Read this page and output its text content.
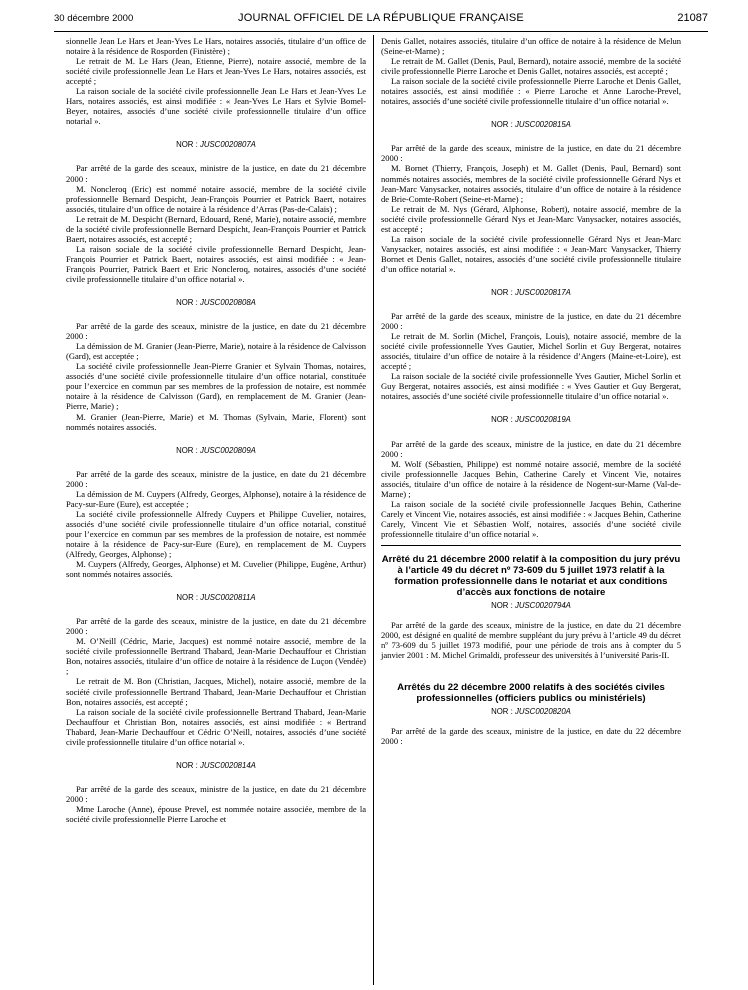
30 décembre 2000	JOURNAL OFFICIEL DE LA RÉPUBLIQUE FRANÇAISE	21087

sionnelle Jean Le Hars et Jean-Yves Le Hars, notaires associés, titulaire d’un office de notaire à la résidence de Rosporden (Finistère) ;

Le retrait de M. Le Hars (Jean, Etienne, Pierre), notaire associé, membre de la société civile professionnelle Jean Le Hars et Jean-Yves Le Hars, notaires associés, est accepté ;

La raison sociale de la société civile professionnelle Jean Le Hars et Jean-Yves Le Hars, notaires associés, est ainsi modifiée : « Jean-Yves Le Hars et Sylvie Bomel-Beyer, notaires, associés d’une société civile professionnelle titulaire d’un office notarial ».

NOR : JUSC0020807A

Par arrêté de la garde des sceaux, ministre de la justice, en date du 21 décembre 2000 :

M. Noncleroq (Eric) est nommé notaire associé, membre de la société civile professionnelle Bernard Despicht, Jean-François Pourrier et Patrick Baert, notaires associés, titulaire d’un office de notaire à la résidence d’Arras (Pas-de-Calais) ;

Le retrait de M. Despicht (Bernard, Edouard, René, Marie), notaire associé, membre de la société civile professionnelle Bernard Despicht, Jean-François Pourrier et Patrick Baert, notaires associés, est accepté ;

La raison sociale de la société civile professionnelle Bernard Despicht, Jean-François Pourrier et Patrick Baert, notaires associés, est ainsi modifiée : « Jean-François Pourrier, Patrick Baert et Eric Noncleroq, notaires, associés d’une société civile professionnelle titulaire d’un office notarial ».

NOR : JUSC0020808A

Par arrêté de la garde des sceaux, ministre de la justice, en date du 21 décembre 2000 :

La démission de M. Granier (Jean-Pierre, Marie), notaire à la résidence de Calvisson (Gard), est acceptée ;

La société civile professionnelle Jean-Pierre Granier et Sylvain Thomas, notaires, associés d’une société civile professionnelle titulaire d’un office notarial, constituée pour l’exercice en commun par ses membres de la profession de notaire, est nommée notaire à la résidence de Calvisson (Gard), en remplacement de M. Granier (Jean-Pierre, Marie) ;

M. Granier (Jean-Pierre, Marie) et M. Thomas (Sylvain, Marie, Florent) sont nommés notaires associés.

NOR : JUSC0020809A

Par arrêté de la garde des sceaux, ministre de la justice, en date du 21 décembre 2000 :

La démission de M. Cuypers (Alfredy, Georges, Alphonse), notaire à la résidence de Pacy-sur-Eure (Eure), est acceptée ;

La société civile professionnelle Alfredy Cuypers et Philippe Cuvelier, notaires, associés d’une société civile professionnelle titulaire d’un office notarial, constitué pour l’exercice en commun par ses membres de la profession de notaire, est nommée notaire à la résidence de Pacy-sur-Eure (Eure), en remplacement de M. Cuypers (Alfredy, Georges, Alphonse) ;

M. Cuypers (Alfredy, Georges, Alphonse) et M. Cuvelier (Philippe, Eugène, Arthur) sont nommés notaires associés.

NOR : JUSC0020811A

Par arrêté de la garde des sceaux, ministre de la justice, en date du 21 décembre 2000 :

M. O’Neill (Cédric, Marie, Jacques) est nommé notaire associé, membre de la société civile professionnelle Bertrand Thabard, Jean-Marie Dechauffour et Christian Bon, notaires associés, titulaire d’un office de notaire à la résidence de Luçon (Vendée) ;

Le retrait de M. Bon (Christian, Jacques, Michel), notaire associé, membre de la société civile professionnelle Bertrand Thabard, Jean-Marie Dechauffour et Christian Bon, notaires associés, est accepté ;

La raison sociale de la société civile professionnelle Bertrand Thabard, Jean-Marie Dechauffour et Christian Bon, notaires associés, est ainsi modifiée : « Bertrand Thabard, Jean-Marie Dechauffour et Cédric O’Neill, notaires, associés d’une société civile professionnelle titulaire d’un office notarial ».

NOR : JUSC0020814A

Par arrêté de la garde des sceaux, ministre de la justice, en date du 21 décembre 2000 :

Mme Laroche (Anne), épouse Prevel, est nommée notaire associée, membre de la société civile professionnelle Pierre Laroche et

Denis Gallet, notaires associés, titulaire d’un office de notaire à la résidence de Melun (Seine-et-Marne) ;

Le retrait de M. Gallet (Denis, Paul, Bernard), notaire associé, membre de la société civile professionnelle Pierre Laroche et Denis Gallet, notaires associés, est accepté ;

La raison sociale de la société civile professionnelle Pierre Laroche et Denis Gallet, notaires associés, est ainsi modifiée : « Pierre Laroche et Anne Laroche-Prevel, notaires, associés d’une société civile professionnelle titulaire d’un office notarial ».

NOR : JUSC0020815A

Par arrêté de la garde des sceaux, ministre de la justice, en date du 21 décembre 2000 :

M. Bornet (Thierry, François, Joseph) et M. Gallet (Denis, Paul, Bernard) sont nommés notaires associés, membres de la société civile professionnelle Gérard Nys et Jean-Marc Vanysacker, notaires associés, titulaire d’un office de notaire à la résidence de Brie-Comte-Robert (Seine-et-Marne) ;

Le retrait de M. Nys (Gérard, Alphonse, Robert), notaire associé, membre de la société civile professionnelle Gérard Nys et Jean-Marc Vanysacker, notaires associés, est accepté ;

La raison sociale de la société civile professionnelle Gérard Nys et Jean-Marc Vanysacker, notaires associés, est ainsi modifiée : « Jean-Marc Vanysacker, Thierry Bornet et Denis Gallet, notaires, associés d’une société civile professionnelle titulaire d’un office notarial ».

NOR : JUSC0020817A

Par arrêté de la garde des sceaux, ministre de la justice, en date du 21 décembre 2000 :

Le retrait de M. Sorlin (Michel, François, Louis), notaire associé, membre de la société civile professionnelle Yves Gautier, Michel Sorlin et Guy Bergerat, notaires associés, titulaire d’un office de notaire à la résidence d’Angers (Maine-et-Loire), est accepté ;

La raison sociale de la société civile professionnelle Yves Gautier, Michel Sorlin et Guy Bergerat, notaires associés, est ainsi modifiée : « Yves Gautier et Guy Bergerat, notaires, associés d’une société civile professionnelle titulaire d’un office notarial ».

NOR : JUSC0020819A

Par arrêté de la garde des sceaux, ministre de la justice, en date du 21 décembre 2000 :

M. Wolf (Sébastien, Philippe) est nommé notaire associé, membre de la société civile professionnelle Jacques Behin, Catherine Carely et Vincent Vie, notaires associés, titulaire d’un office de notaire à la résidence de Nogent-sur-Marne (Val-de-Marne) ;

La raison sociale de la société civile professionnelle Jacques Behin, Catherine Carely et Vincent Vie, notaires associés, est ainsi modifiée : « Jacques Behin, Catherine Carely, Vincent Vie et Sébastien Wolf, notaires, associés d’une société civile professionnelle titulaire d’un office notarial ».

Arrêté du 21 décembre 2000 relatif à la composition du jury prévu à l’article 49 du décret nº 73-609 du 5 juillet 1973 relatif à la formation professionnelle dans le notariat et aux conditions d’accès aux fonctions de notaire
NOR : JUSC0020794A

Par arrêté de la garde des sceaux, ministre de la justice, en date du 21 décembre 2000, est désigné en qualité de membre suppléant du jury prévu à l’article 49 du décret nº 73-609 du 5 juillet 1973 modifié, pour une période de trois ans à compter du 5 janvier 2001 : M. Michel Grimaldi, professeur des universités à l’université Paris-II.

Arrêtés du 22 décembre 2000 relatifs à des sociétés civiles professionnelles (officiers publics ou ministériels)
NOR : JUSC0020820A

Par arrêté de la garde des sceaux, ministre de la justice, en date du 22 décembre 2000 :
